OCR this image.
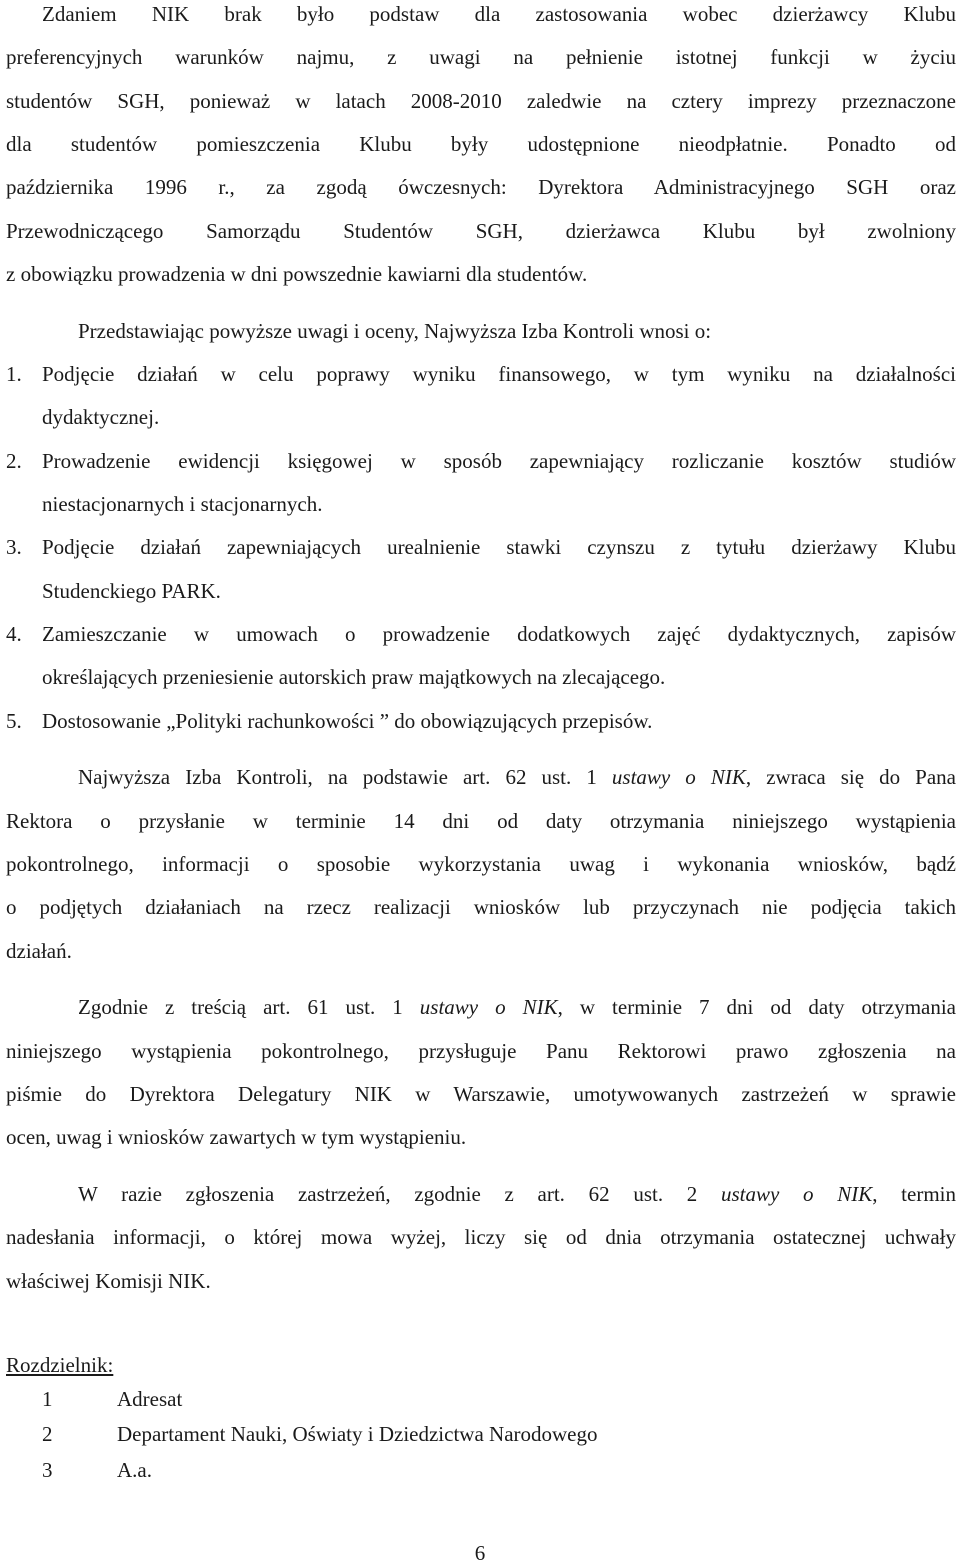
Zdaniem NIK brak było podstaw dla zastosowania wobec dzierżawcy Klubu
preferencyjnych warunków najmu, z uwagi na pełnienie istotnej funkcji w życiu
studentów SGH, ponieważ w latach 2008-2010 zaledwie na cztery imprezy przeznaczone
dla studentów pomieszczenia Klubu były udostępnione nieodpłatnie. Ponadto od
października 1996 r., za zgodą ówczesnych: Dyrektora Administracyjnego SGH oraz
Przewodniczącego Samorządu Studentów SGH, dzierżawca Klubu był zwolniony
z obowiązku prowadzenia w dni powszednie kawiarni dla studentów.
Przedstawiając powyższe uwagi i oceny, Najwyższa Izba Kontroli wnosi o:
1. Podjęcie działań w celu poprawy wyniku finansowego, w tym wyniku na działalności
dydaktycznej.
2. Prowadzenie ewidencji księgowej w sposób zapewniający rozliczanie kosztów studiów
niestacjonarnych i stacjonarnych.
3. Podjęcie działań zapewniających urealnienie stawki czynszu z tytułu dzierżawy Klubu
Studenckiego PARK.
4. Zamieszczanie w umowach o prowadzenie dodatkowych zajęć dydaktycznych, zapisów
określających przeniesienie autorskich praw majątkowych na zlecającego.
5. Dostosowanie „Polityki rachunkowości ” do obowiązujących przepisów.
Najwyższa Izba Kontroli, na podstawie art. 62 ust. 1 ustawy o NIK, zwraca się do Pana
Rektora o przysłanie w terminie 14 dni od daty otrzymania niniejszego wystąpienia
pokontrolnego, informacji o sposobie wykorzystania uwag i wykonania wniosków, bądź
o podjętych działaniach na rzecz realizacji wniosków lub przyczynach nie podjęcia takich
działań.
Zgodnie z treścią art. 61 ust. 1 ustawy o NIK, w terminie 7 dni od daty otrzymania
niniejszego wystąpienia pokontrolnego, przysługuje Panu Rektorowi prawo zgłoszenia na
piśmie do Dyrektora Delegatury NIK w Warszawie, umotywowanych zastrzeżeń w sprawie
ocen, uwag i wniosków zawartych w tym wystąpieniu.
W razie zgłoszenia zastrzeżeń, zgodnie z art. 62 ust. 2 ustawy o NIK, termin
nadesłania informacji, o której mowa wyżej, liczy się od dnia otrzymania ostatecznej uchwały
właściwej Komisji NIK.
Rozdzielnik:
1	Adresat
2	Departament Nauki, Oświaty i Dziedzictwa Narodowego
3	A.a.
6
